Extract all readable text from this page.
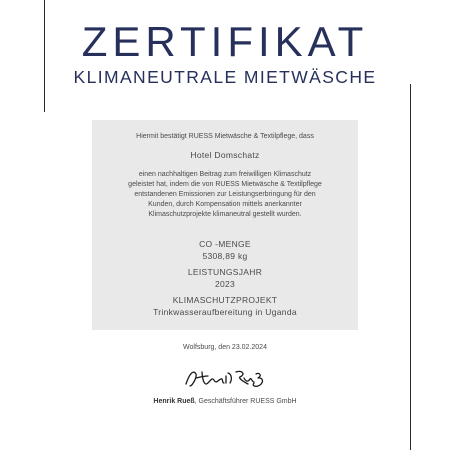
ZERTIFIKAT
KLIMANEUTRALE MIETWÄSCHE
Hiermit bestätigt RUESS Mietwäsche & Textilpflege, dass
Hotel Domschatz
einen nachhaltigen Beitrag zum freiwilligen Klimaschutz
geleistet hat, indem die von RUESS Mietwäsche & Textilpflege
entstandenen Emissionen zur Leistungserbringung für den
Kunden, durch Kompensation mittels anerkannter
Klimaschutzprojekte klimaneutral gestellt wurden.
CO -MENGE
5308,89 kg
LEISTUNGSJAHR
2023
KLIMASCHUTZPROJEKT
Trinkwasseraufbereitung in Uganda
Wolfsburg, den 23.02.2024
Henrik Rueß, Geschäftsführer RUESS GmbH
